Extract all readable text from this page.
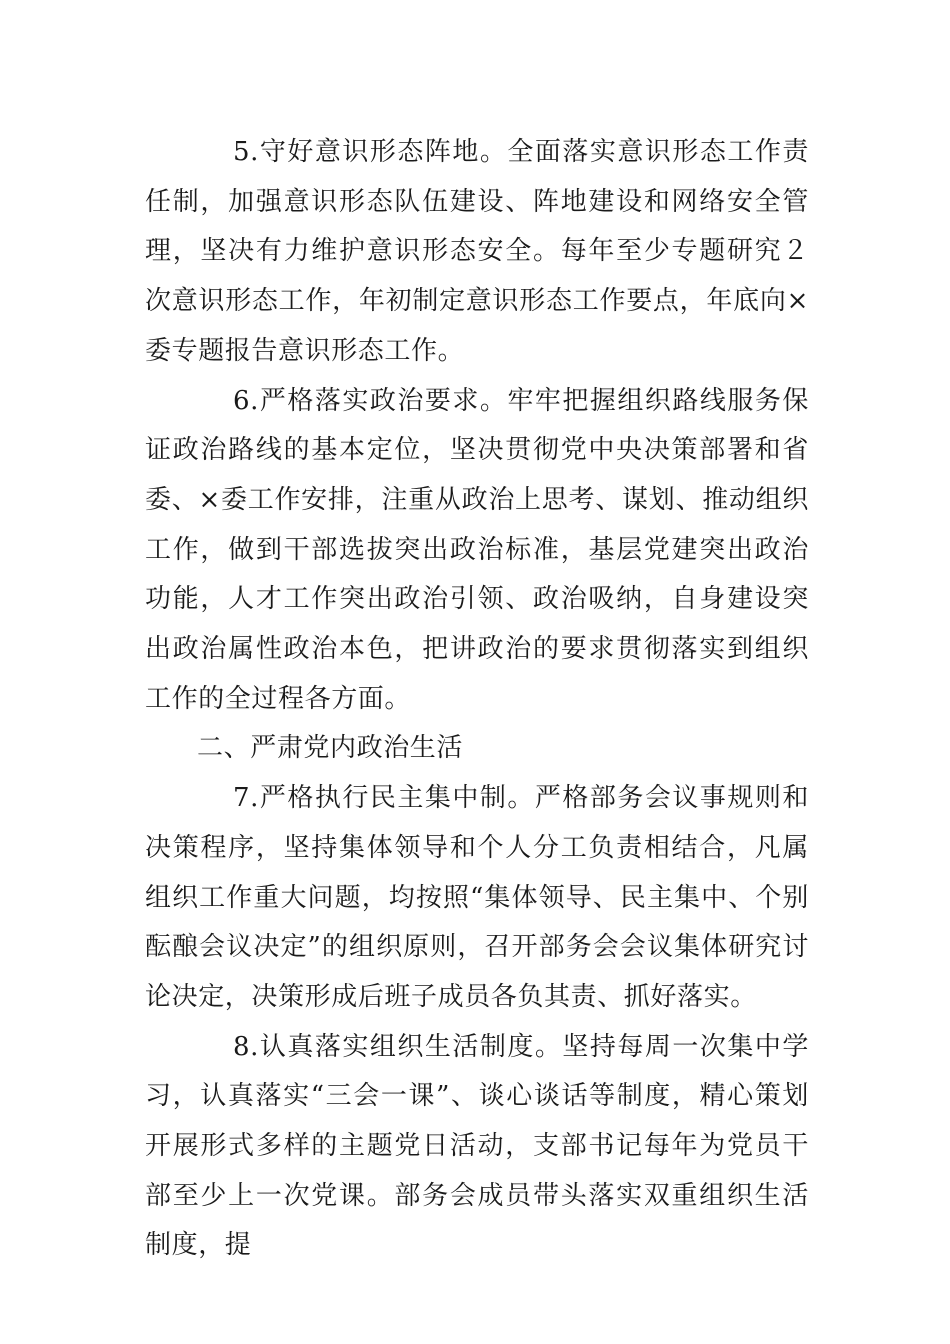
5.守好意识形态阵地。全面落实意识形态工作责任制，加强意识形态队伍建设、阵地建设和网络安全管理，坚决有力维护意识形态安全。每年至少专题研究２次意识形态工作，年初制定意识形态工作要点，年底向×委专题报告意识形态工作。

6.严格落实政治要求。牢牢把握组织路线服务保证政治路线的基本定位，坚决贯彻党中央决策部署和省委、×委工作安排，注重从政治上思考、谋划、推动组织工作，做到干部选拔突出政治标准，基层党建突出政治功能，人才工作突出政治引领、政治吸纳，自身建设突出政治属性政治本色，把讲政治的要求贯彻落实到组织工作的全过程各方面。

二、严肃党内政治生活

7.严格执行民主集中制。严格部务会议事规则和决策程序，坚持集体领导和个人分工负责相结合，凡属组织工作重大问题，均按照“集体领导、民主集中、个别酝酿会议决定”的组织原则，召开部务会会议集体研究讨论决定，决策形成后班子成员各负其责、抓好落实。

8.认真落实组织生活制度。坚持每周一次集中学习，认真落实“三会一课”、谈心谈话等制度，精心策划开展形式多样的主题党日活动，支部书记每年为党员干部至少上一次党课。部务会成员带头落实双重组织生活制度，提
